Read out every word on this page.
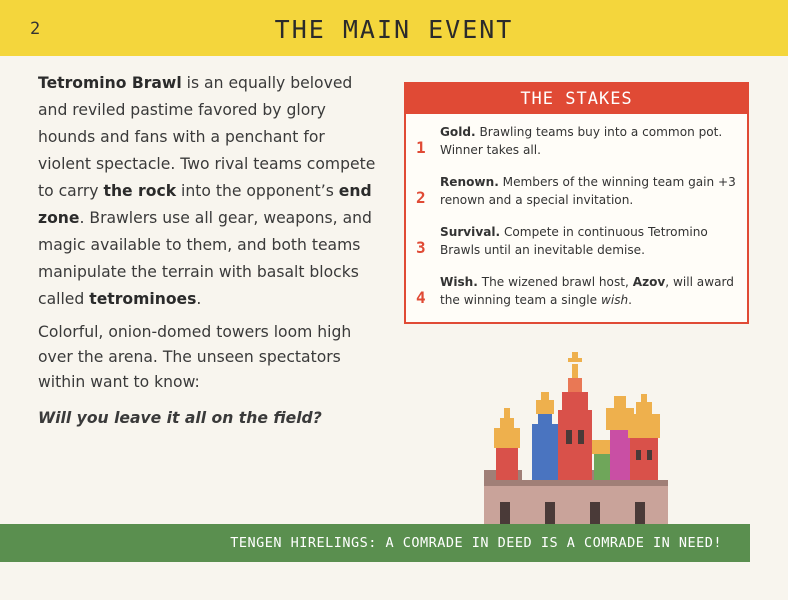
2	THE MAIN EVENT

Tetromino Brawl is an equally beloved and reviled pastime favored by glory hounds and fans with a penchant for violent spectacle. Two rival teams compete to carry the rock into the opponent’s end zone. Brawlers use all gear, weapons, and magic available to them, and both teams manipulate the terrain with basalt blocks called tetrominoes.

Colorful, onion-domed towers loom high over the arena. The unseen spectators within want to know:

Will you leave it all on the field?

THE STAKES
1
Gold. Brawling teams buy into a common pot. Winner takes all.
2
Renown. Members of the winning team gain +3 renown and a special invitation.
3
Survival. Compete in continuous Tetromino Brawls until an inevitable demise.
4
Wish. The wizened brawl host, Azov, will award the winning team a single wish.
TENGEN HIRELINGS: A COMRADE IN DEED IS A COMRADE IN NEED!
